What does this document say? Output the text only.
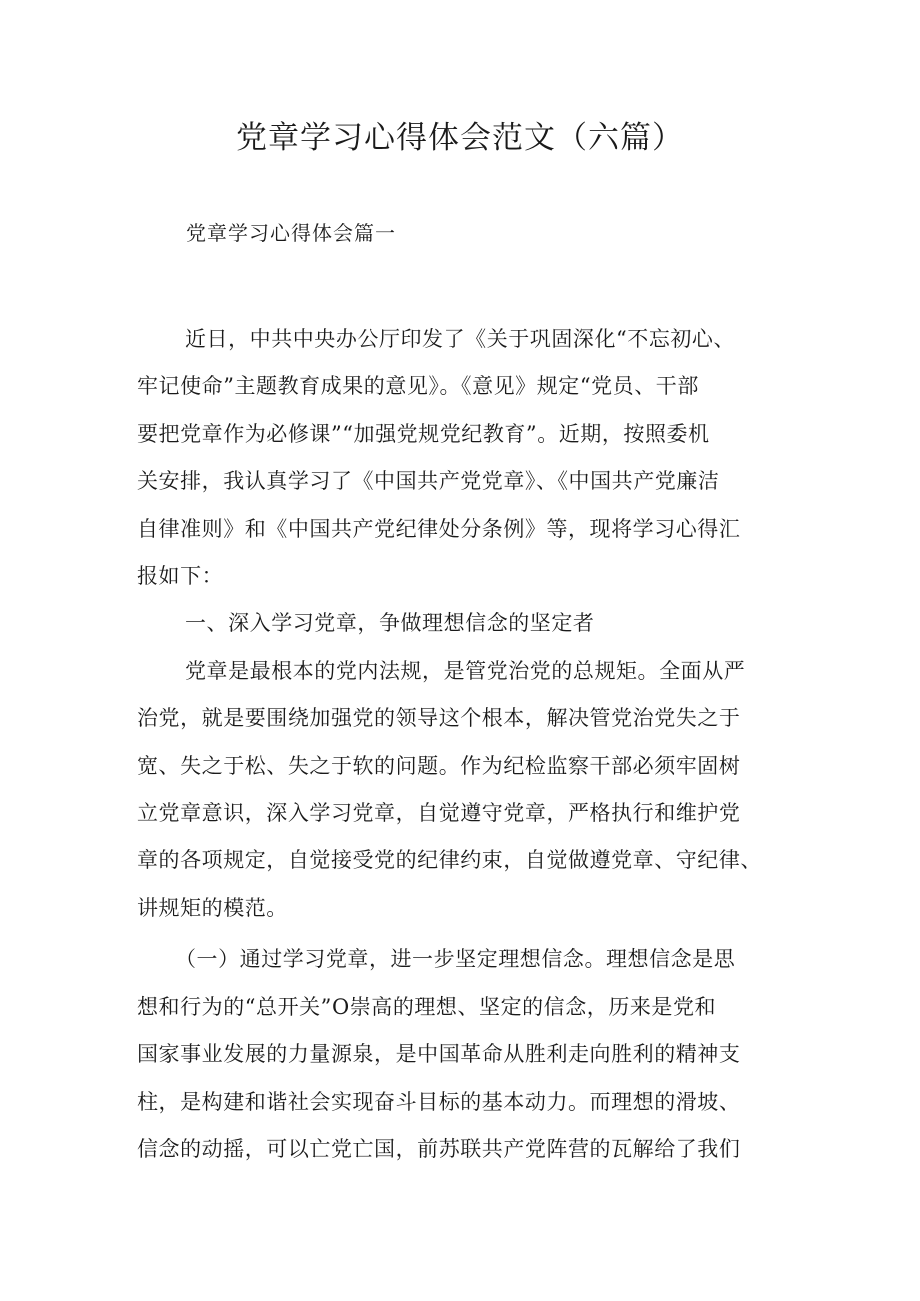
党章学习心得体会范文（六篇）

党章学习心得体会篇一

近日，中共中央办公厅印发了《关于巩固深化“不忘初心、
牢记使命”主题教育成果的意见》。《意见》规定“党员、干部
要把党章作为必修课”“加强党规党纪教育”。近期，按照委机
关安排，我认真学习了《中国共产党党章》、《中国共产党廉洁
自律准则》和《中国共产党纪律处分条例》等，现将学习心得汇
报如下：
一、深入学习党章，争做理想信念的坚定者
党章是最根本的党内法规，是管党治党的总规矩。全面从严
治党，就是要围绕加强党的领导这个根本，解决管党治党失之于
宽、失之于松、失之于软的问题。作为纪检监察干部必须牢固树
立党章意识，深入学习党章，自觉遵守党章，严格执行和维护党
章的各项规定，自觉接受党的纪律约束，自觉做遵党章、守纪律、
讲规矩的模范。
（一）通过学习党章，进一步坚定理想信念。理想信念是思
想和行为的“总开关”O崇高的理想、坚定的信念，历来是党和
国家事业发展的力量源泉，是中国革命从胜利走向胜利的精神支
柱，是构建和谐社会实现奋斗目标的基本动力。而理想的滑坡、
信念的动摇，可以亡党亡国，前苏联共产党阵营的瓦解给了我们
